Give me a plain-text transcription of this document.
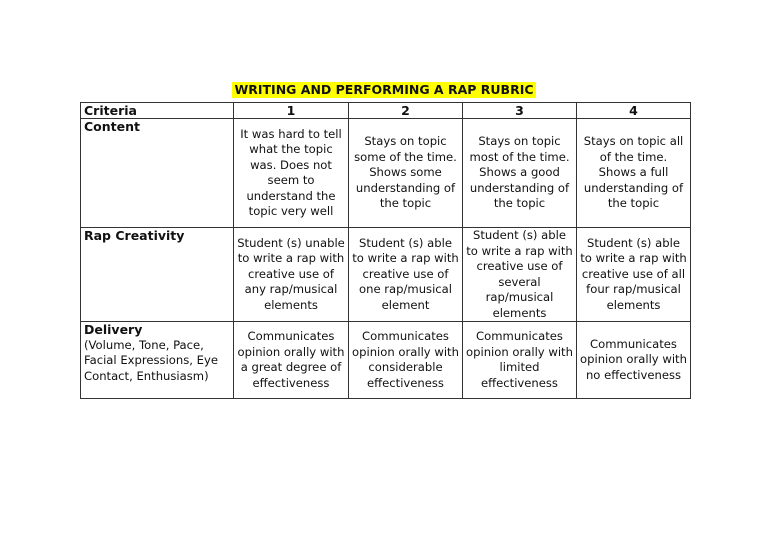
WRITING AND PERFORMING A RAP RUBRIC
Criteria	1	2	3	4

Content	It was hard to tell what the topic was. Does not seem to understand the topic very well	Stays on topic some of the time. Shows some understanding of the topic	Stays on topic most of the time. Shows a good understanding of the topic	Stays on topic all of the time. Shows a full understanding of the topic

Rap Creativity	Student (s) unable to write a rap with creative use of any rap/musical elements	Student (s) able to write a rap with creative use of one rap/musical element	Student (s) able to write a rap with creative use of several rap/musical elements	Student (s) able to write a rap with creative use of all four rap/musical elements

Delivery
(Volume, Tone, Pace, Facial Expressions, Eye Contact, Enthusiasm)	Communicates opinion orally with a great degree of effectiveness	Communicates opinion orally with considerable effectiveness	Communicates opinion orally with limited effectiveness	Communicates opinion orally with no effectiveness
